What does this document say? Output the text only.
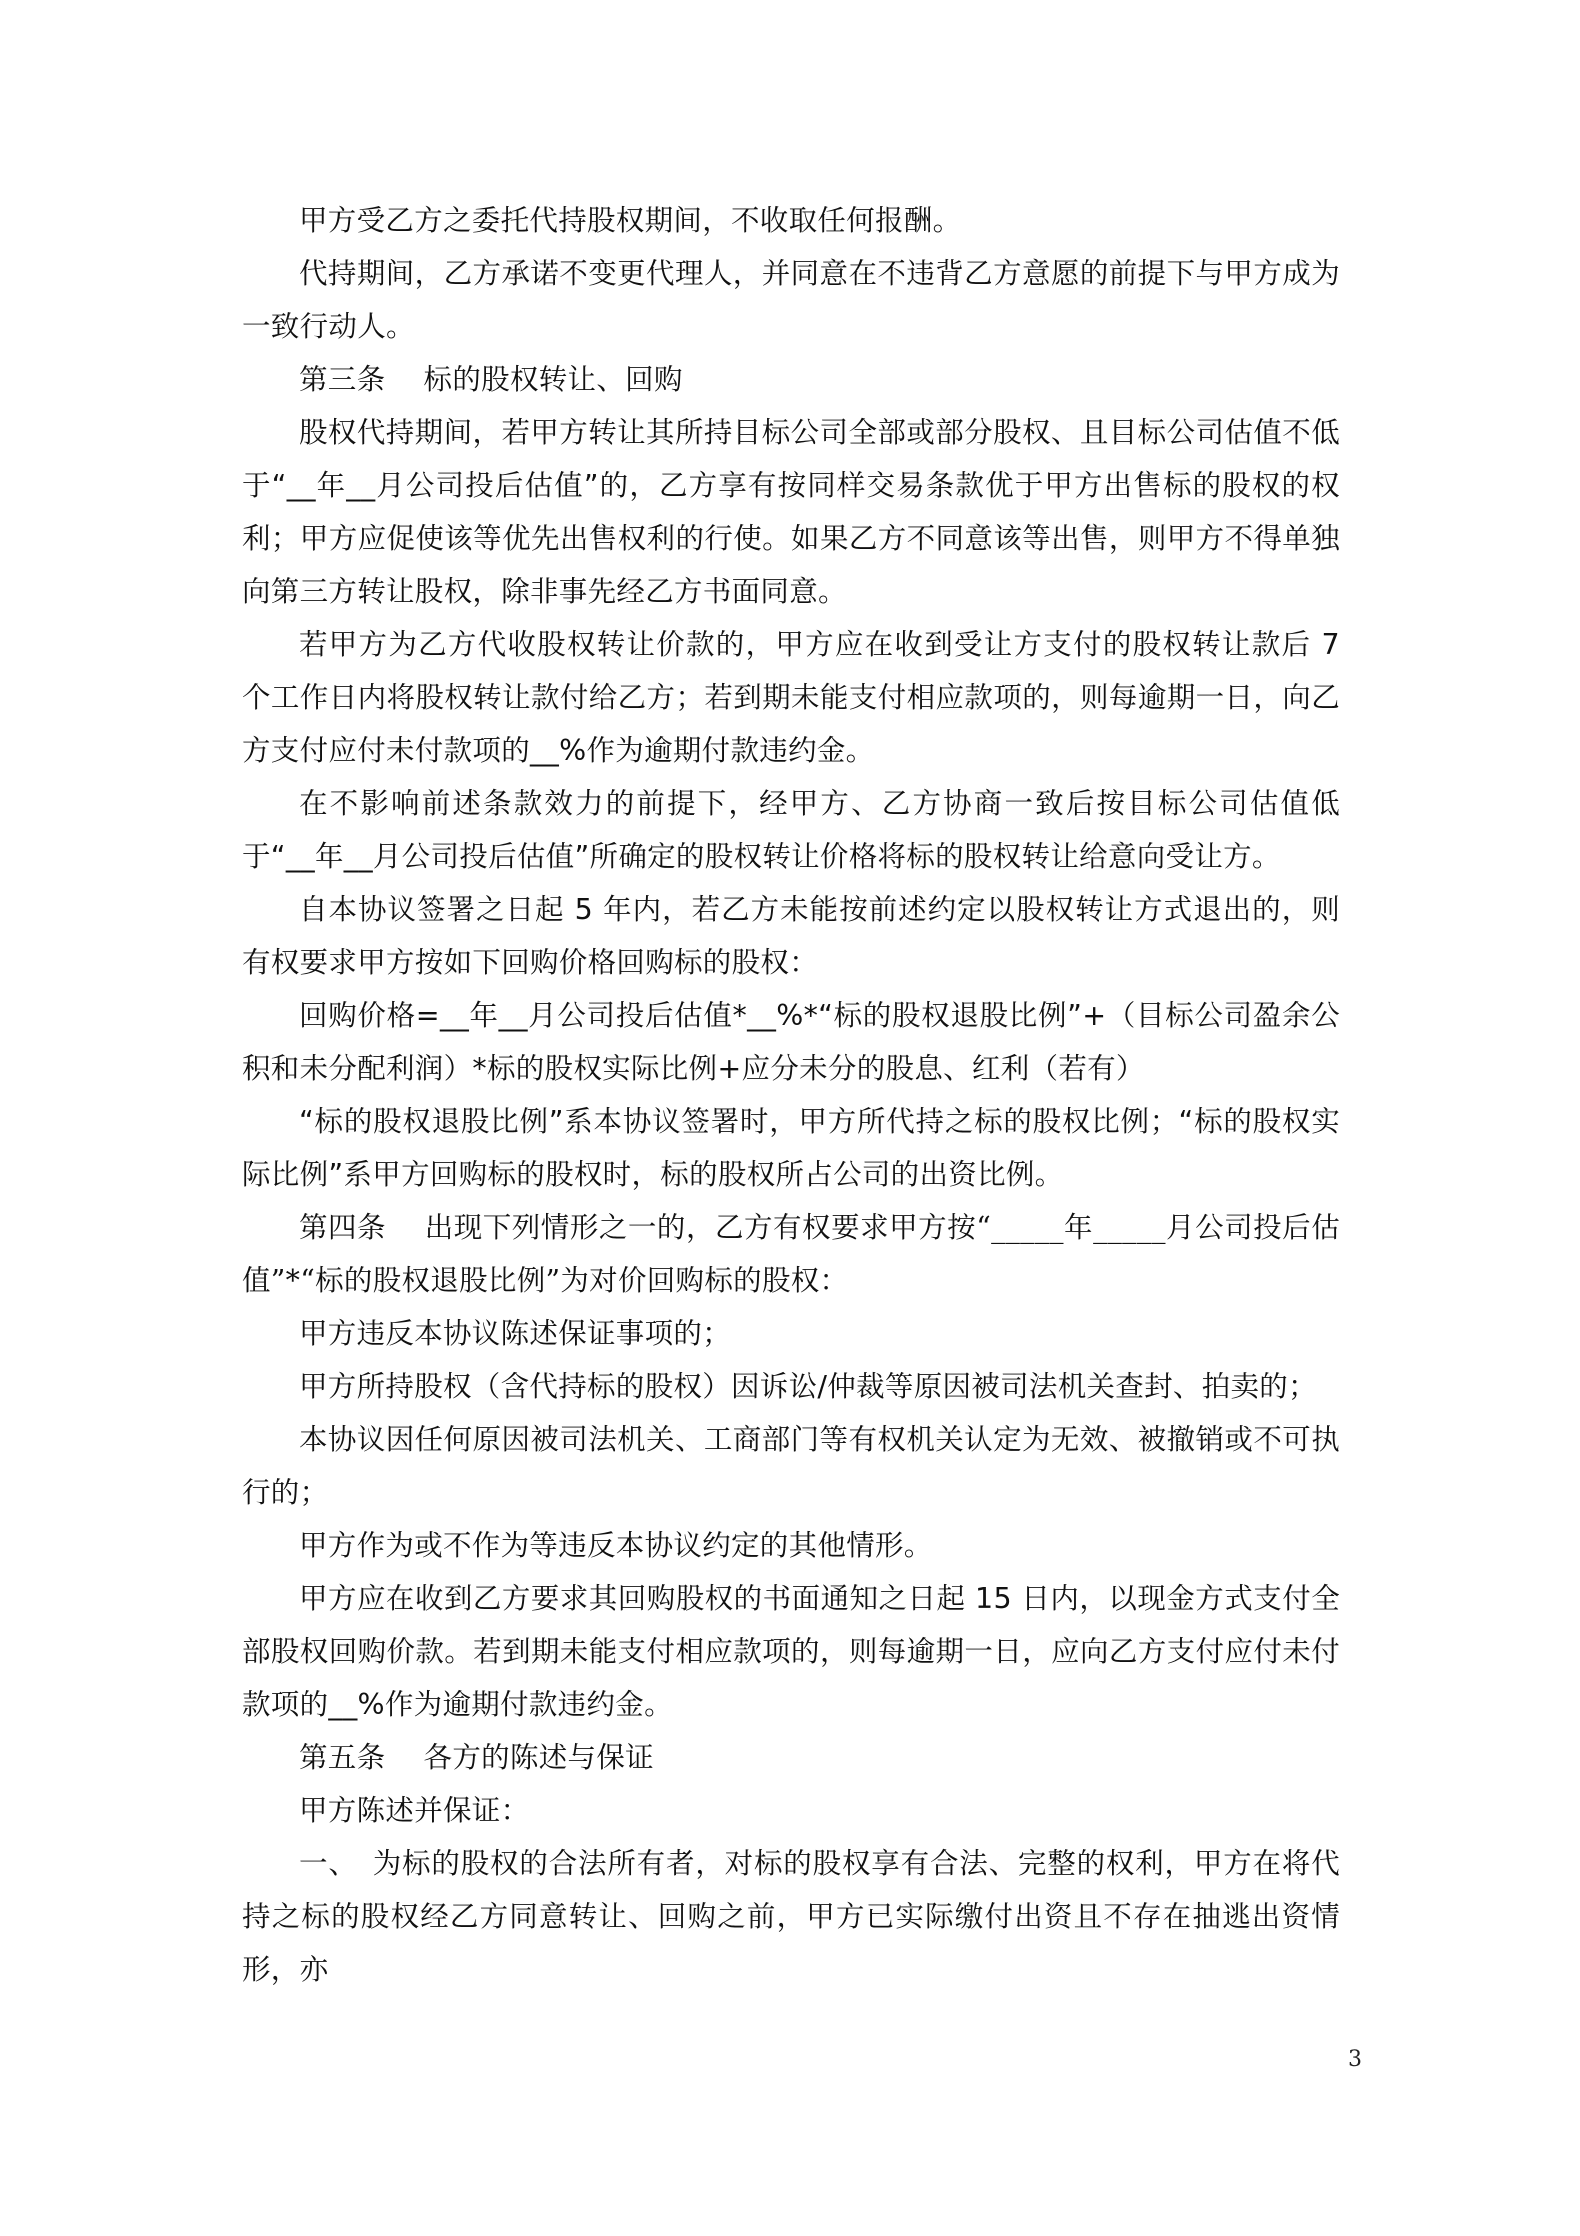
甲方受乙方之委托代持股权期间，不收取任何报酬。

代持期间，乙方承诺不变更代理人，并同意在不违背乙方意愿的前提下与甲方成为一致行动人。

第三条　 标的股权转让、回购

股权代持期间，若甲方转让其所持目标公司全部或部分股权、且目标公司估值不低于“__年__月公司投后估值”的，乙方享有按同样交易条款优于甲方出售标的股权的权利；甲方应促使该等优先出售权利的行使。如果乙方不同意该等出售，则甲方不得单独向第三方转让股权，除非事先经乙方书面同意。

若甲方为乙方代收股权转让价款的，甲方应在收到受让方支付的股权转让款后 7 个工作日内将股权转让款付给乙方；若到期未能支付相应款项的，则每逾期一日，向乙方支付应付未付款项的__%作为逾期付款违约金。

在不影响前述条款效力的前提下，经甲方、乙方协商一致后按目标公司估值低于“__年__月公司投后估值”所确定的股权转让价格将标的股权转让给意向受让方。

自本协议签署之日起 5 年内，若乙方未能按前述约定以股权转让方式退出的，则有权要求甲方按如下回购价格回购标的股权：

回购价格=__年__月公司投后估值*__%*“标的股权退股比例”+（目标公司盈余公积和未分配利润）*标的股权实际比例+应分未分的股息、红利（若有）

“标的股权退股比例”系本协议签署时，甲方所代持之标的股权比例；“标的股权实际比例”系甲方回购标的股权时，标的股权所占公司的出资比例。

第四条　 出现下列情形之一的，乙方有权要求甲方按“_____年_____月公司投后估值”*“标的股权退股比例”为对价回购标的股权：

甲方违反本协议陈述保证事项的；

甲方所持股权（含代持标的股权）因诉讼/仲裁等原因被司法机关查封、拍卖的；

本协议因任何原因被司法机关、工商部门等有权机关认定为无效、被撤销或不可执行的；

甲方作为或不作为等违反本协议约定的其他情形。

甲方应在收到乙方要求其回购股权的书面通知之日起 15 日内，以现金方式支付全部股权回购价款。若到期未能支付相应款项的，则每逾期一日，应向乙方支付应付未付款项的__%作为逾期付款违约金。

第五条　 各方的陈述与保证

甲方陈述并保证：

一、　为标的股权的合法所有者，对标的股权享有合法、完整的权利，甲方在将代持之标的股权经乙方同意转让、回购之前，甲方已实际缴付出资且不存在抽逃出资情形，亦

3
